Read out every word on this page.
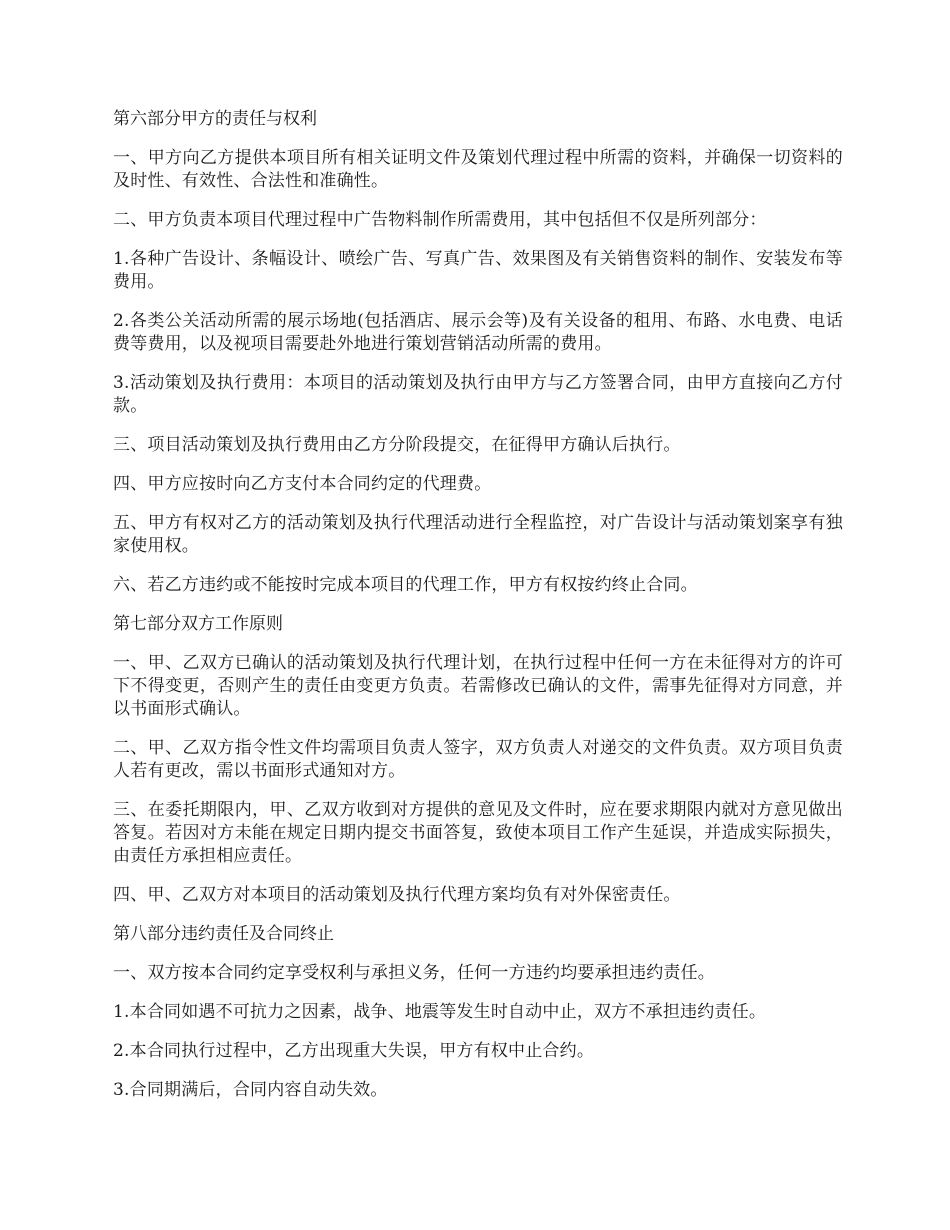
第六部分甲方的责任与权利

一、甲方向乙方提供本项目所有相关证明文件及策划代理过程中所需的资料，并确保一切资料的及时性、有效性、合法性和准确性。

二、甲方负责本项目代理过程中广告物料制作所需费用，其中包括但不仅是所列部分：

1.各种广告设计、条幅设计、喷绘广告、写真广告、效果图及有关销售资料的制作、安装发布等费用。

2.各类公关活动所需的展示场地(包括酒店、展示会等)及有关设备的租用、布路、水电费、电话费等费用，以及视项目需要赴外地进行策划营销活动所需的费用。

3.活动策划及执行费用：本项目的活动策划及执行由甲方与乙方签署合同，由甲方直接向乙方付款。

三、项目活动策划及执行费用由乙方分阶段提交，在征得甲方确认后执行。

四、甲方应按时向乙方支付本合同约定的代理费。

五、甲方有权对乙方的活动策划及执行代理活动进行全程监控，对广告设计与活动策划案享有独家使用权。

六、若乙方违约或不能按时完成本项目的代理工作，甲方有权按约终止合同。

第七部分双方工作原则

一、甲、乙双方已确认的活动策划及执行代理计划，在执行过程中任何一方在未征得对方的许可下不得变更，否则产生的责任由变更方负责。若需修改已确认的文件，需事先征得对方同意，并以书面形式确认。

二、甲、乙双方指令性文件均需项目负责人签字，双方负责人对递交的文件负责。双方项目负责人若有更改，需以书面形式通知对方。

三、在委托期限内，甲、乙双方收到对方提供的意见及文件时，应在要求期限内就对方意见做出答复。若因对方未能在规定日期内提交书面答复，致使本项目工作产生延误，并造成实际损失，由责任方承担相应责任。

四、甲、乙双方对本项目的活动策划及执行代理方案均负有对外保密责任。

第八部分违约责任及合同终止

一、双方按本合同约定享受权利与承担义务，任何一方违约均要承担违约责任。

1.本合同如遇不可抗力之因素，战争、地震等发生时自动中止，双方不承担违约责任。

2.本合同执行过程中，乙方出现重大失误，甲方有权中止合约。

3.合同期满后，合同内容自动失效。
